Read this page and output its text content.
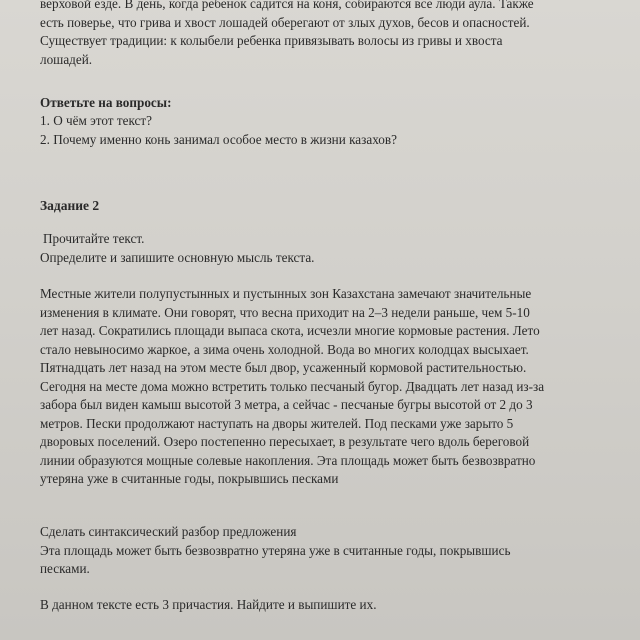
верховой езде. В день, когда ребенок садится на коня, собираются все люди аула. Также
есть поверье, что грива и хвост лошадей оберегают от злых духов, бесов и опасностей.
Существует традиции: к колыбели ребенка привязывать волосы из гривы и хвоста
лошадей.
Ответьте на вопросы:
1. О чём этот текст?
2. Почему именно конь занимал особое место в жизни казахов?
Задание 2
Прочитайте текст.
Определите и запишите основную мысль текста.
Местные жители полупустынных и пустынных зон Казахстана замечают значительные
изменения в климате. Они говорят, что весна приходит на 2–3 недели раньше, чем 5-10
лет назад. Сократились площади выпаса скота, исчезли многие кормовые растения. Лето
стало невыносимо жаркое, а зима очень холодной. Вода во многих колодцах высыхает.
Пятнадцать лет назад на этом месте был двор, усаженный кормовой растительностью.
Сегодня на месте дома можно встретить только песчаный бугор. Двадцать лет назад из-за
забора был виден камыш высотой 3 метра, а сейчас - песчаные бугры высотой от 2 до 3
метров. Пески продолжают наступать на дворы жителей. Под песками уже зарыто 5
дворовых поселений. Озеро постепенно пересыхает, в результате чего вдоль береговой
линии образуются мощные солевые накопления. Эта площадь может быть безвозвратно
утеряна уже в считанные годы, покрывшись песками
Сделать синтаксический разбор предложения
Эта площадь может быть безвозвратно утеряна уже в считанные годы, покрывшись
песками.
В данном тексте есть 3 причастия. Найдите и выпишите их.
